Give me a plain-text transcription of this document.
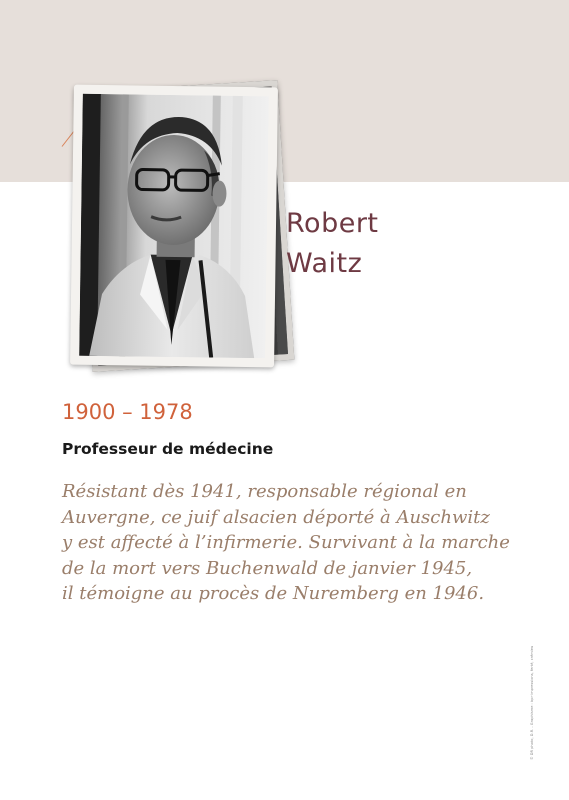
Robert
Waitz
1900 – 1978
Professeur de médecine
Résistant dès 1941, responsable régional en
Auvergne, ce juif alsacien déporté à Auschwitz
y est affecté à l’infirmerie. Survivant à la marche
de la mort vers Buchenwald de janvier 1945,
il témoigne au procès de Nuremberg en 1946.
© DR photo, D.R. - Graphisme : bpr·impressions, ferté, crémieu
